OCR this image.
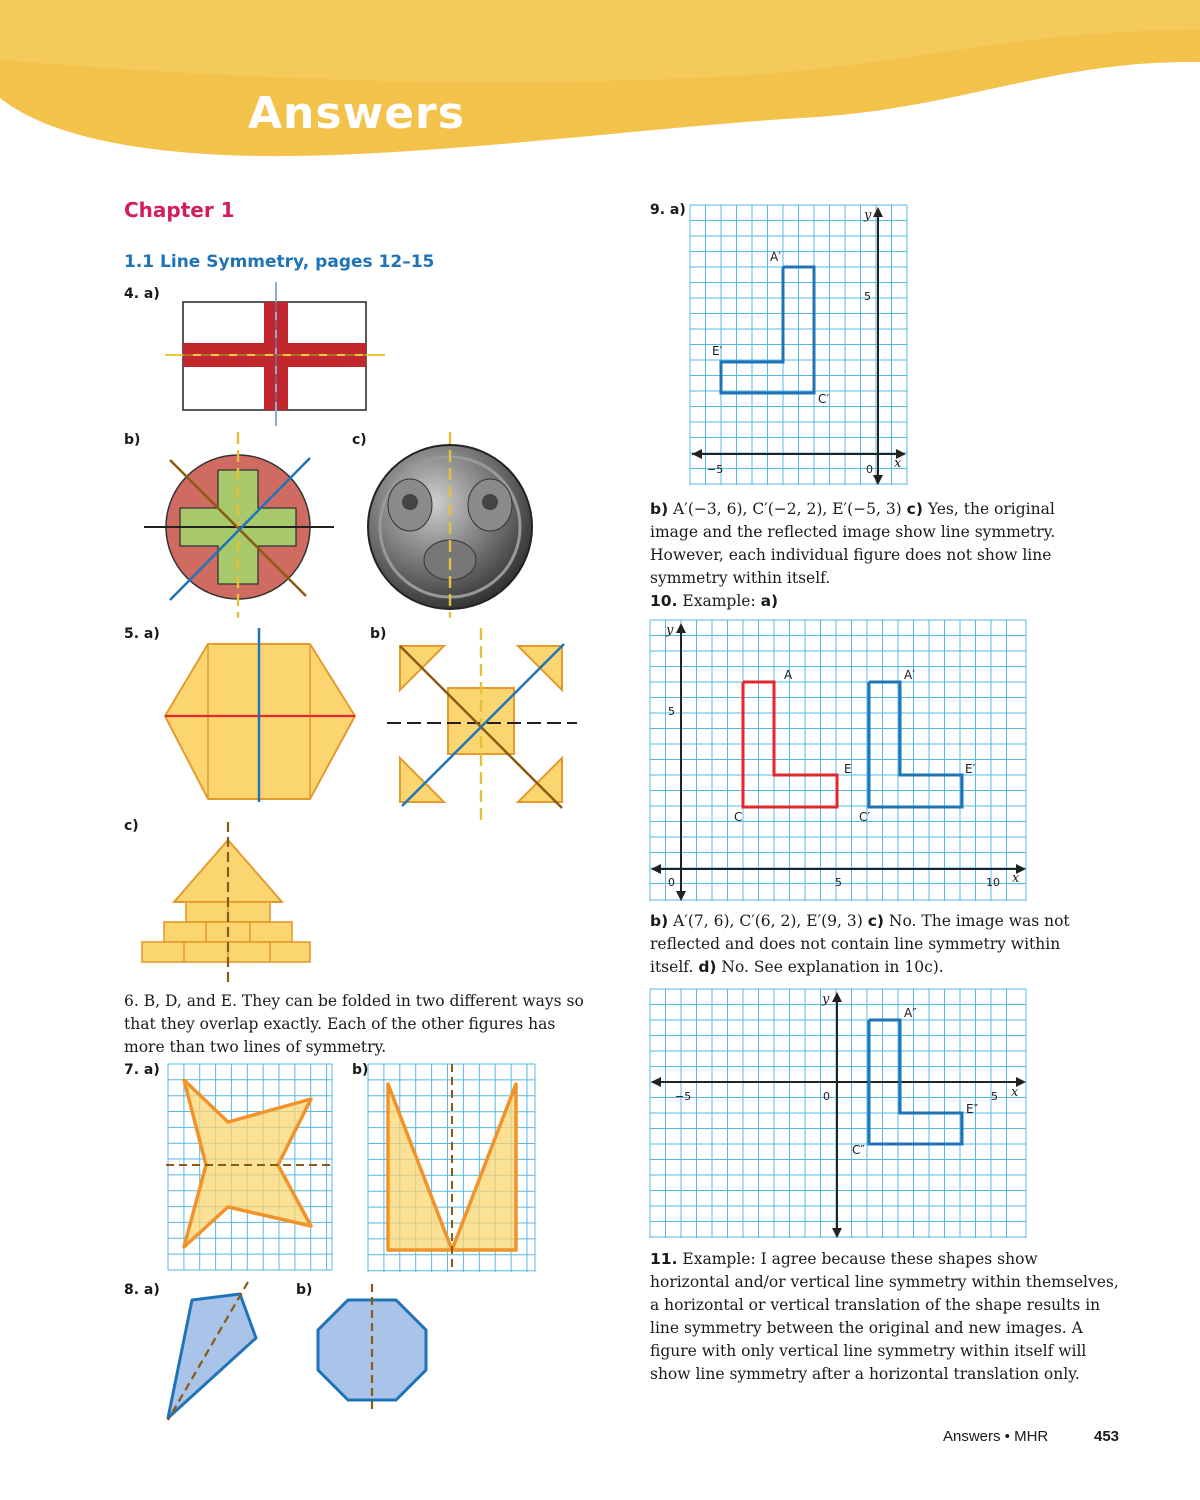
Answers
Chapter 1
1.1 Line Symmetry, pages 12–15
4. a)
b)	c)
5. a)	b)
c)
6. B, D, and E. They can be folded in two different ways so that they overlap exactly. Each of the other figures has more than two lines of symmetry.
7. a)	b)
8. a)	b)
9. a)	y
5
A′
E′
C′
−5	0 x
b) A′(−3, 6), C′(−2, 2), E′(−5, 3) c) Yes, the original image and the reflected image show line symmetry. However, each individual figure does not show line symmetry within itself.
10. Example: a)
y
5
A
E
C
A′
E′
C′
0	5	10 x
b) A′(7, 6), C′(6, 2), E′(9, 3) c) No. The image was not reflected and does not contain line symmetry within itself. d) No. See explanation in 10c).
y
A″
−5	0	5 x
E″
C″
11. Example: I agree because these shapes show horizontal and/or vertical line symmetry within themselves, a horizontal or vertical translation of the shape results in line symmetry between the original and new images. A figure with only vertical line symmetry within itself will show line symmetry after a horizontal translation only.
Answers • MHR	453
